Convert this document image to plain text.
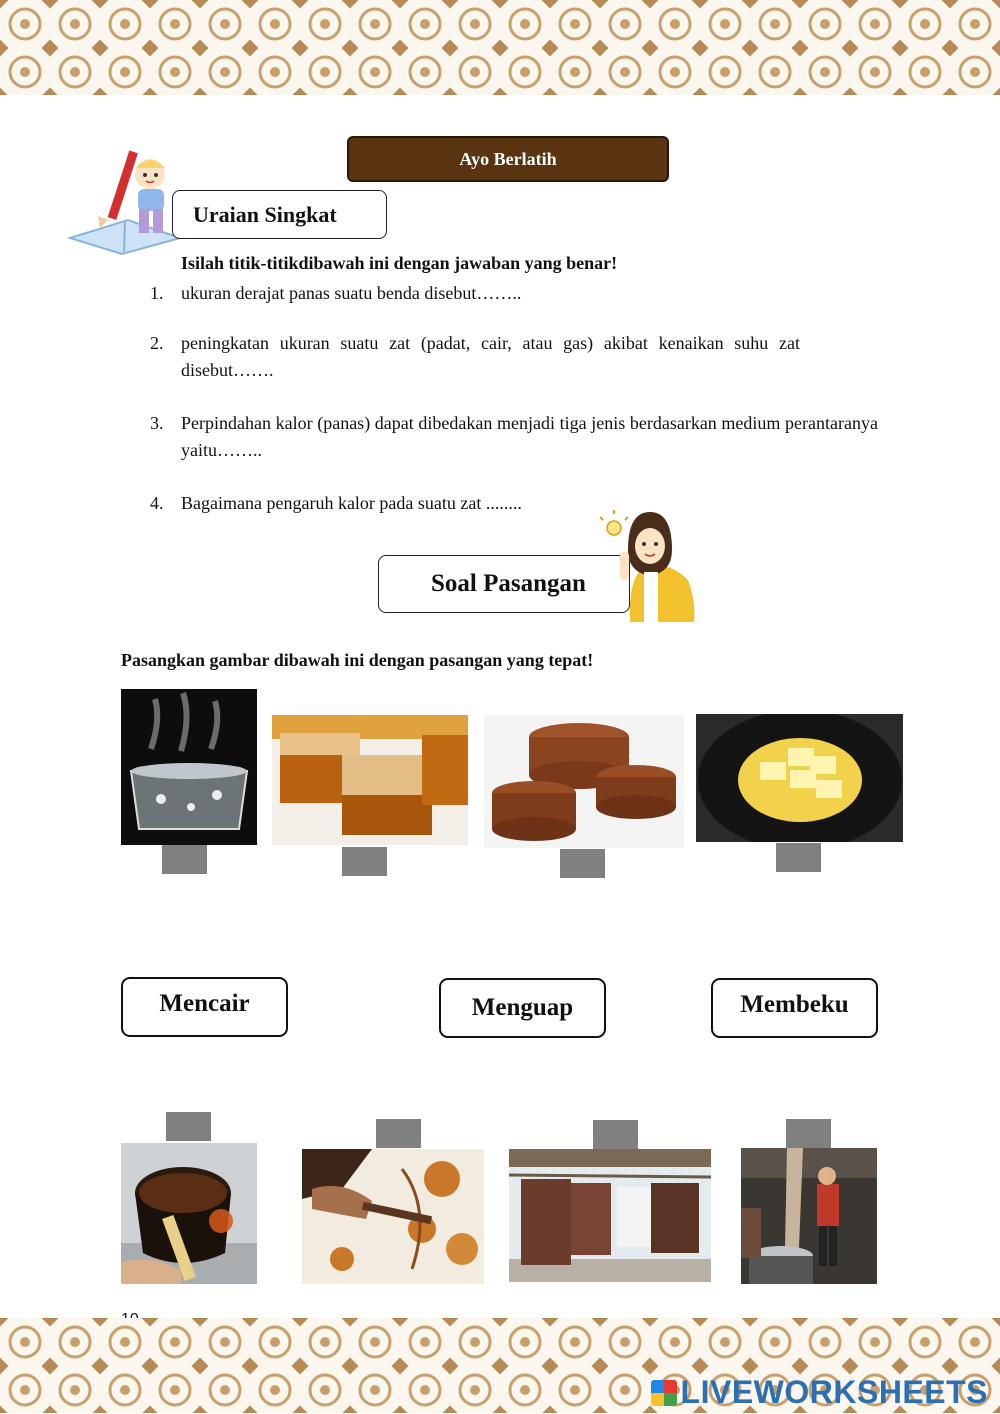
Ayo Berlatih
Uraian Singkat
Isilah titik-titikdibawah ini dengan jawaban yang benar!
1. ukuran derajat panas suatu benda disebut……..
2. peningkatan ukuran suatu zat (padat, cair, atau gas) akibat kenaikan suhu zat disebut…….
3. Perpindahan kalor (panas) dapat dibedakan menjadi tiga jenis berdasarkan medium perantaranya yaitu……..
4. Bagaimana pengaruh kalor pada suatu zat ........
Soal Pasangan
Pasangkan gambar dibawah ini dengan pasangan yang tepat!
Mencair	Menguap	Membeku
LIVEWORKSHEETS
